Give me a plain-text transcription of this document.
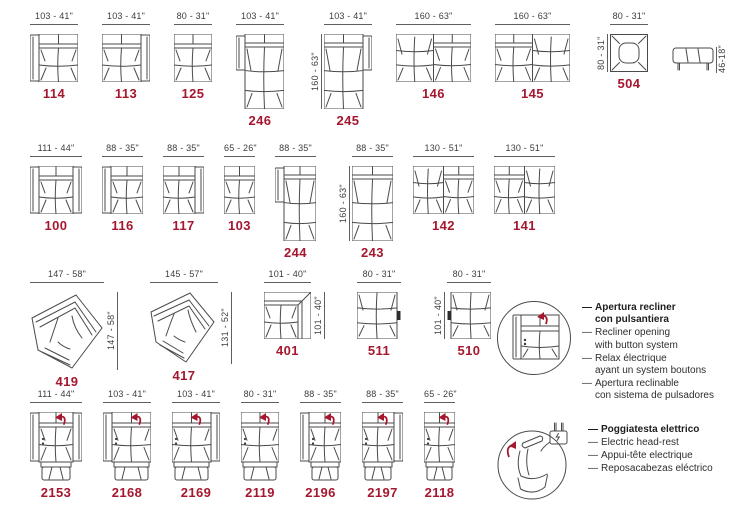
103 - 41"
114
103 - 41"
113
80 - 31"
125
103 - 41"
246
160 - 63"
103 - 41"
245
160 - 63"
146
160 - 63"
145
80 - 31"
80 - 31"
504
46-18"
111 - 44"
100
88 - 35"
116
88 - 35"
117
65 - 26"
103
88 - 35"
244
160 - 63"
88 - 35"
243
130 - 51"
142
130 - 51"
141
147 - 58"
419
147 - 58"
145 - 57"
417
131 - 52"
101 - 40"
401
101 - 40"
80 - 31"
511
101 - 40"
80 - 31"
510
111 - 44"
2153
103 - 41"
2168
103 - 41"
2169
80 - 31"
2119
88 - 35"
2196
88 - 35"
2197
65 - 26"
2118
— Apertura recliner
con pulsantiera
— Recliner opening
with button system
— Relax électrique
ayant un system boutons
— Apertura reclinable
con sistema de pulsadores
— Poggiatesta elettrico
— Electric head-rest
— Appui-tête electrique
— Reposacabezas eléctrico
